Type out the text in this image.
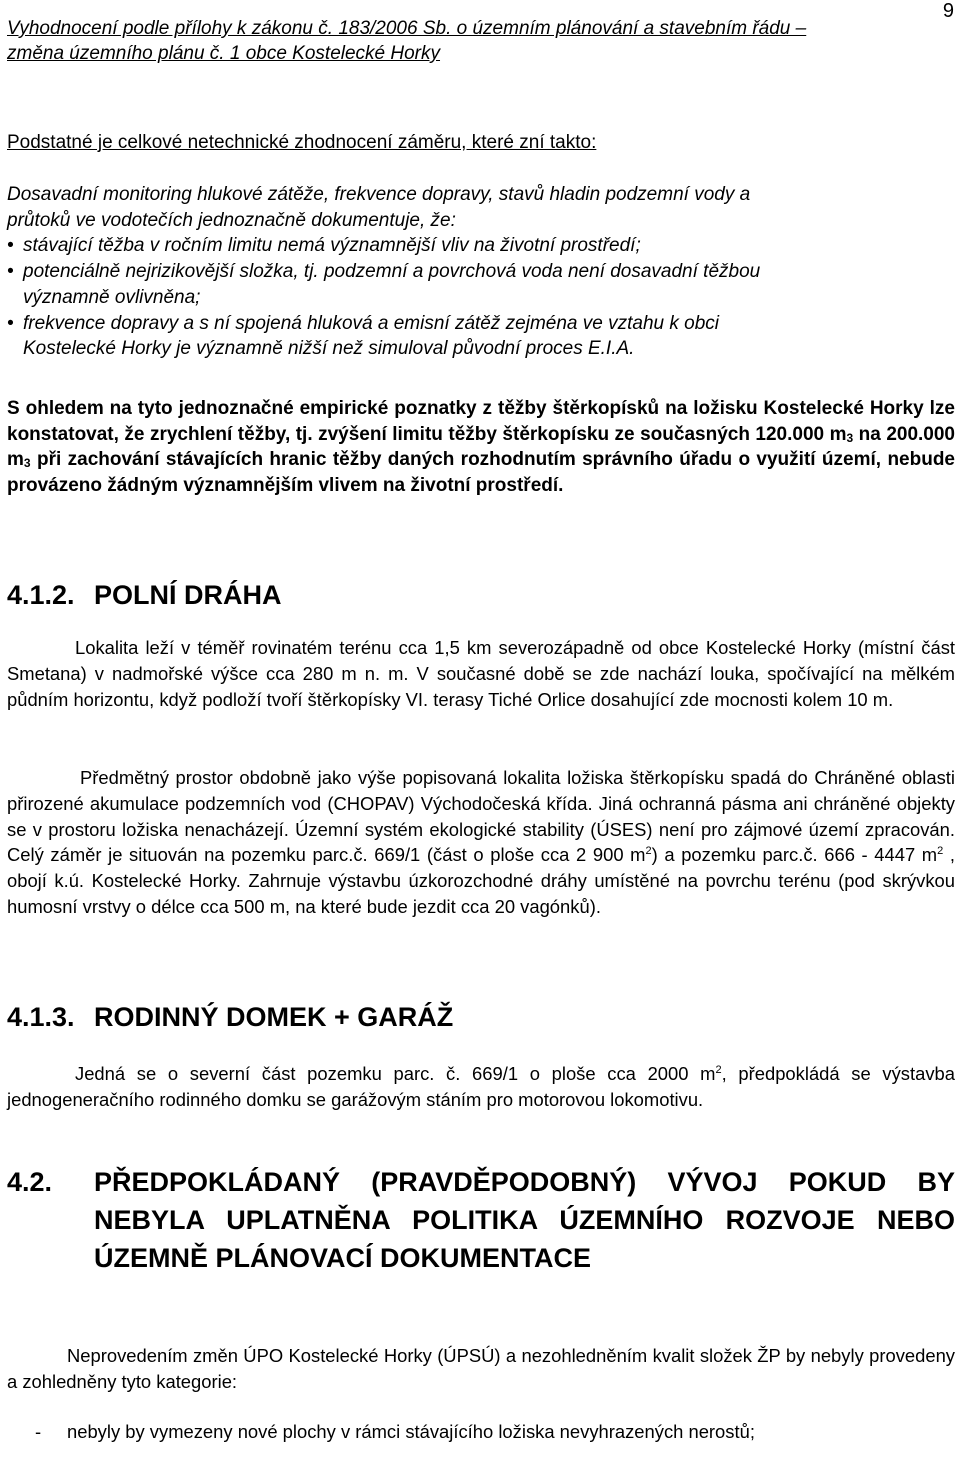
Vyhodnocení podle přílohy k zákonu č. 183/2006 Sb. o územním plánování a stavebním řádu –
změna územního plánu č. 1 obce Kostelecké Horky
9
Podstatné je celkové netechnické zhodnocení záměru, které zní takto:
Dosavadní monitoring hlukové zátěže, frekvence dopravy, stavů hladin podzemní vody a průtoků ve vodotečích jednoznačně dokumentuje, že:
• stávající těžba v ročním limitu nemá významnější vliv na životní prostředí;
• potenciálně nejrizikovější složka, tj. podzemní a povrchová voda není dosavadní těžbou významně ovlivněna;
• frekvence dopravy a s ní spojená hluková a emisní zátěž zejména ve vztahu k obci Kostelecké Horky je významně nižší než simuloval původní proces E.I.A.
S ohledem na tyto jednoznačné empirické poznatky z těžby štěrkopísků na ložisku Kostelecké Horky lze konstatovat, že zrychlení těžby, tj. zvýšení limitu těžby štěrkopísku ze současných 120.000 $m_3$ na 200.000 $m_3$ při zachování stávajících hranic těžby daných rozhodnutím správního úřadu o využití území, nebude provázeno žádným významnějším vlivem na životní prostředí.
4.1.2. POLNÍ DRÁHA
Lokalita leží v téměř rovinatém terénu cca 1,5 km severozápadně od obce Kostelecké Horky (místní část Smetana) v nadmořské výšce cca 280 m n. m. V současné době se zde nachází louka, spočívající na mělkém půdním horizontu, když podloží tvoří štěrkopísky VI. terasy Tiché Orlice dosahující zde mocnosti kolem 10 m.
Předmětný prostor obdobně jako výše popisovaná lokalita ložiska štěrkopísku spadá do Chráněné oblasti přirozené akumulace podzemních vod (CHOPAV) Východočeská křída. Jiná ochranná pásma ani chráněné objekty se v prostoru ložiska nenacházejí. Územní systém ekologické stability (ÚSES) není pro zájmové území zpracován. Celý záměr je situován na pozemku parc.č. 669/1 (část o ploše cca 2 900 $m^2$) a pozemku parc.č. 666 - 4447 $m^2$ , obojí k.ú. Kostelecké Horky. Zahrnuje výstavbu úzkorozchodné dráhy umístěné na povrchu terénu (pod skrývkou humosní vrstvy o délce cca 500 m, na které bude jezdit cca 20 vagónků).
4.1.3. RODINNÝ DOMEK + GARÁŽ
Jedná se o severní část pozemku parc. č. 669/1 o ploše cca 2000 $m^2$, předpokládá se výstavba jednogeneračního rodinného domku se garážovým stáním pro motorovou lokomotivu.
4.2. PŘEDPOKLÁDANÝ (PRAVDĚPODOBNÝ) VÝVOJ POKUD BY NEBYLA UPLATNĚNA POLITIKA ÚZEMNÍHO ROZVOJE NEBO ÚZEMNĚ PLÁNOVACÍ DOKUMENTACE
Neprovedením změn ÚPO Kostelecké Horky (ÚPSÚ) a nezohledněním kvalit složek ŽP by nebyly provedeny a zohledněny tyto kategorie:
- nebyly by vymezeny nové plochy v rámci stávajícího ložiska nevyhrazených nerostů;
